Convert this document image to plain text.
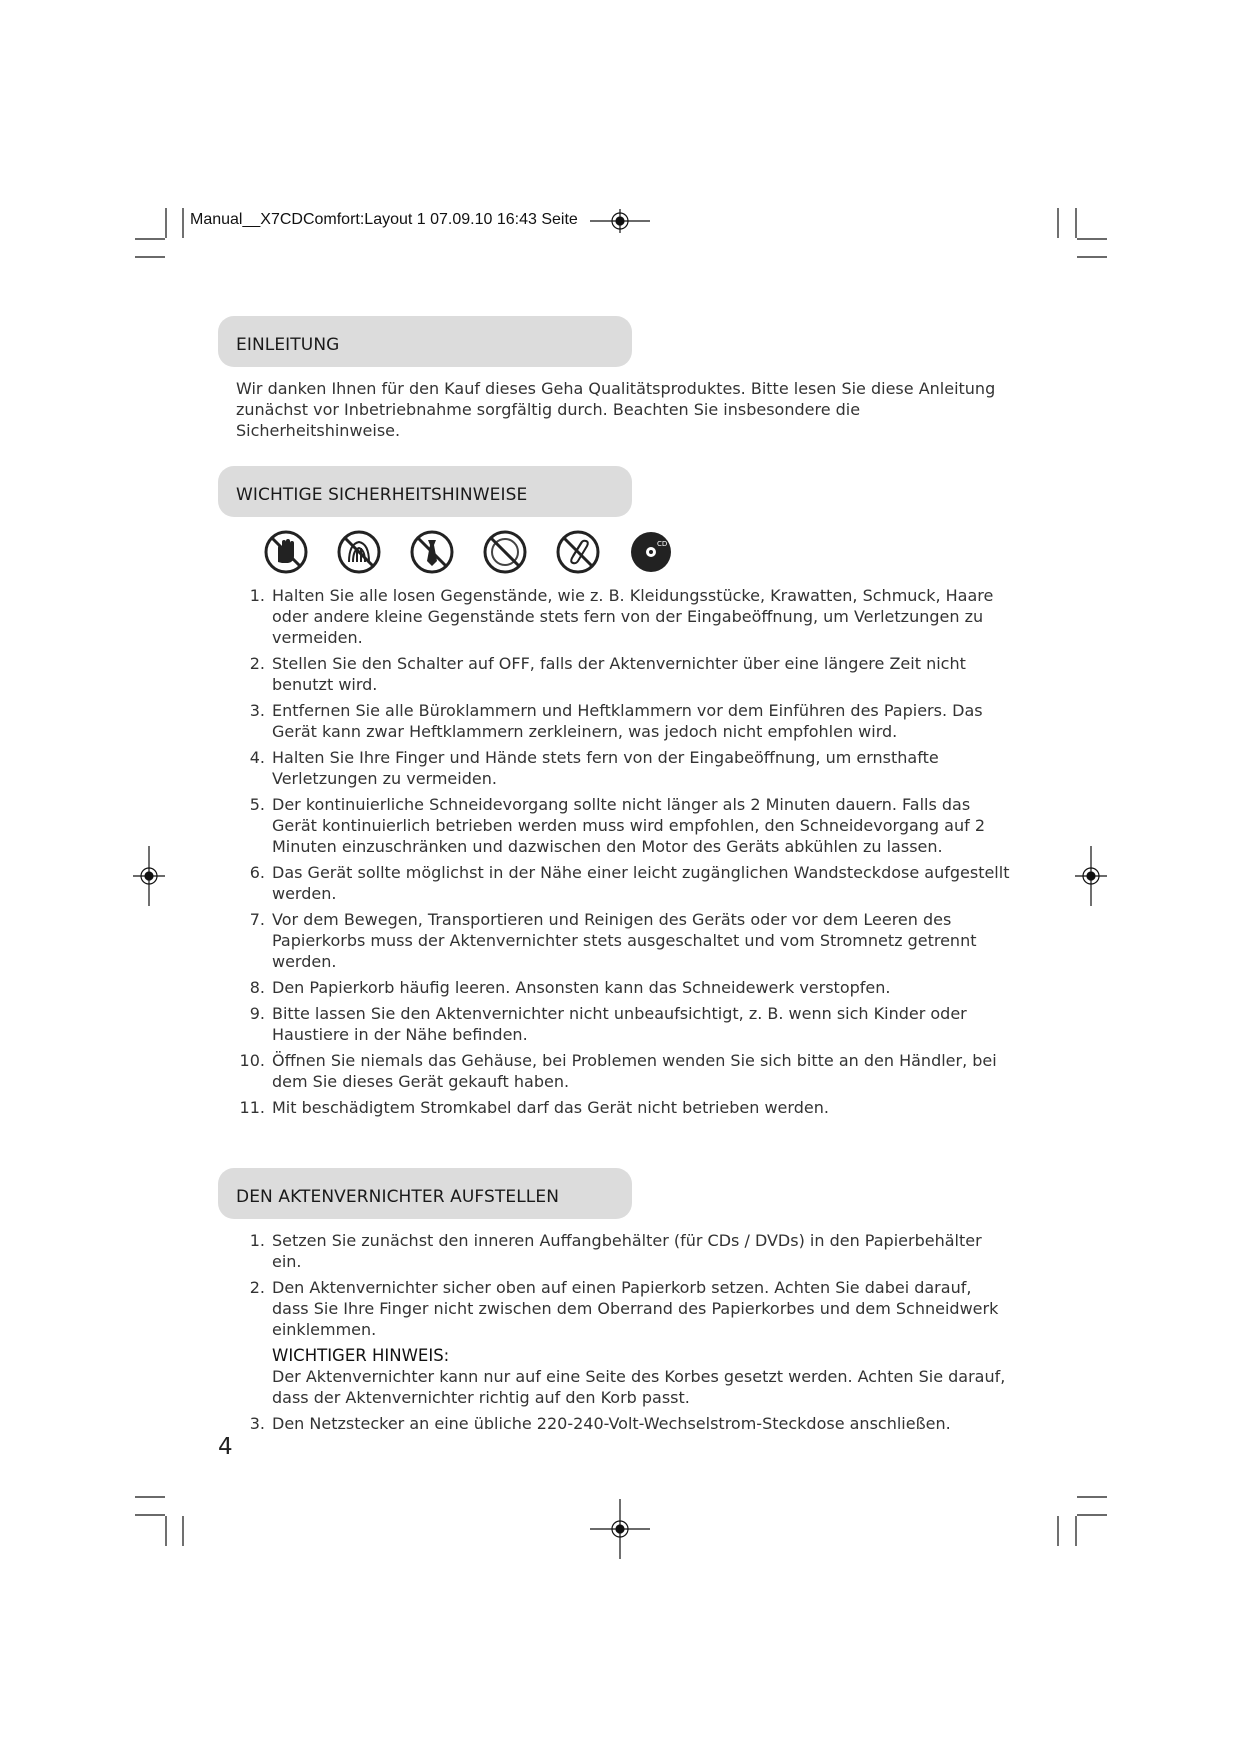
Manual__X7CDComfort:Layout 1 07.09.10 16:43 Seite

EINLEITUNG

Wir danken Ihnen für den Kauf dieses Geha Qualitätsproduktes. Bitte lesen Sie diese Anleitung zunächst vor Inbetriebnahme sorgfältig durch. Beachten Sie insbesondere die Sicherheitshinweise.

WICHTIGE SICHERHEITSHINWEISE
CD
1. Halten Sie alle losen Gegenstände, wie z. B. Kleidungsstücke, Krawatten, Schmuck, Haare oder andere kleine Gegenstände stets fern von der Eingabeöffnung, um Verletzungen zu vermeiden.
2. Stellen Sie den Schalter auf OFF, falls der Aktenvernichter über eine längere Zeit nicht benutzt wird.
3. Entfernen Sie alle Büroklammern und Heftklammern vor dem Einführen des Papiers. Das Gerät kann zwar Heftklammern zerkleinern, was jedoch nicht empfohlen wird.
4. Halten Sie Ihre Finger und Hände stets fern von der Eingabeöffnung, um ernsthafte Verletzungen zu vermeiden.
5. Der kontinuierliche Schneidevorgang sollte nicht länger als 2 Minuten dauern. Falls das Gerät kontinuierlich betrieben werden muss wird empfohlen, den Schneidevorgang auf 2 Minuten einzuschränken und dazwischen den Motor des Geräts abkühlen zu lassen.
6. Das Gerät sollte möglichst in der Nähe einer leicht zugänglichen Wandsteckdose aufgestellt werden.
7. Vor dem Bewegen, Transportieren und Reinigen des Geräts oder vor dem Leeren des Papierkorbs muss der Aktenvernichter stets ausgeschaltet und vom Stromnetz getrennt werden.
8. Den Papierkorb häufig leeren. Ansonsten kann das Schneidewerk verstopfen.
9. Bitte lassen Sie den Aktenvernichter nicht unbeaufsichtigt, z. B. wenn sich Kinder oder Haustiere in der Nähe befinden.
10. Öffnen Sie niemals das Gehäuse, bei Problemen wenden Sie sich bitte an den Händler, bei dem Sie dieses Gerät gekauft haben.
11. Mit beschädigtem Stromkabel darf das Gerät nicht betrieben werden.
DEN AKTENVERNICHTER AUFSTELLEN
1. Setzen Sie zunächst den inneren Auffangbehälter (für CDs / DVDs) in den Papierbehälter ein.
2. Den Aktenvernichter sicher oben auf einen Papierkorb setzen. Achten Sie dabei darauf, dass Sie Ihre Finger nicht zwischen dem Oberrand des Papierkorbes und dem Schneidwerk einklemmen.
WICHTIGER HINWEIS:
Der Aktenvernichter kann nur auf eine Seite des Korbes gesetzt werden. Achten Sie darauf, dass der Aktenvernichter richtig auf den Korb passt.
3. Den Netzstecker an eine übliche 220-240-Volt-Wechselstrom-Steckdose anschließen.

4
